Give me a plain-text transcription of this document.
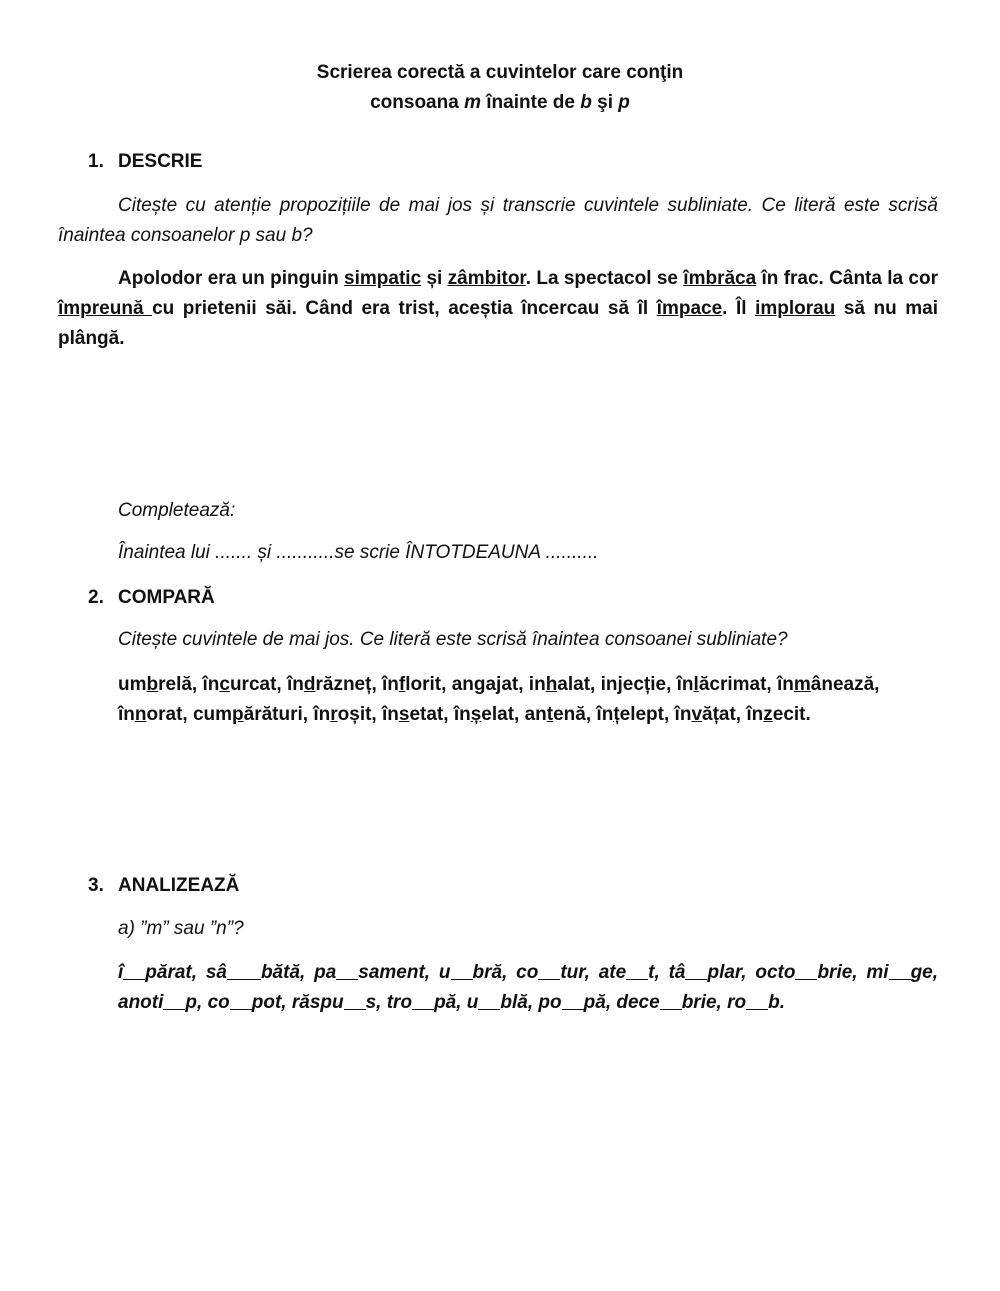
Scrierea corectă a cuvintelor care conţin
consoana m înainte de b şi p
1. DESCRIE
Citește cu atenție propozițiile de mai jos și transcrie cuvintele subliniate. Ce literă este scrisă înaintea consoanelor p sau b?
Apolodor era un pinguin simpatic și zâmbitor. La spectacol se îmbrăca în frac. Cânta la cor împreună cu prietenii săi. Când era trist, aceștia încercau să îl împace. Îl implorau să nu mai plângă.
Completează:
Înaintea lui ....... și ...........se scrie ÎNTOTDEAUNA ..........
2. COMPARĂ
Citește cuvintele de mai jos. Ce literă este scrisă înaintea consoanei subliniate?
umbrelă, încurcat, îndrăzneț, înflorit, angajat, inhalat, injecție, înlăcrimat, înmânează, înnorat, cumpărături, înroșit, însetat, înșelat, antenă, înțelept, învățat, înzecit.
3. ANALIZEAZĂ
a) ”m” sau ”n”?
î părat, sâ bătă, pa sament, u bră, co tur, ate t, tâ plar, octo brie, mi ge, anoti p, co pot, răspu s, tro pă, u blă, po pă, dece brie, ro b.
